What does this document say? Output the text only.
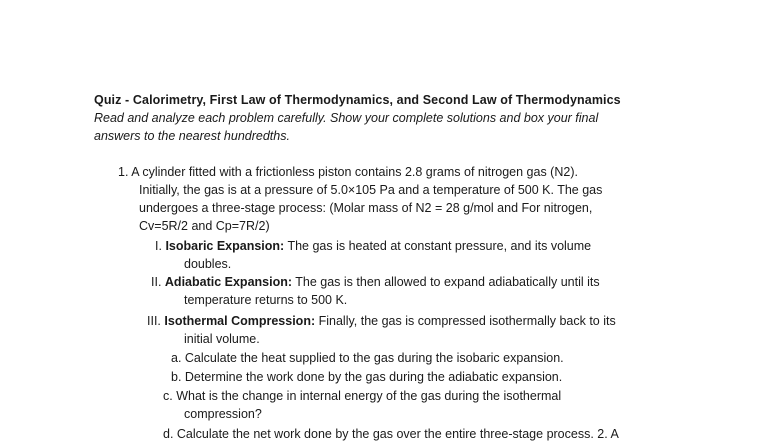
Quiz - Calorimetry, First Law of Thermodynamics, and Second Law of Thermodynamics
Read and analyze each problem carefully. Show your complete solutions and box your final
answers to the nearest hundredths.
1. A cylinder fitted with a frictionless piston contains 2.8 grams of nitrogen gas (N2).
Initially, the gas is at a pressure of 5.0×105 Pa and a temperature of 500 K. The gas
undergoes a three-stage process: (Molar mass of N2 = 28 g/mol and For nitrogen,
Cv=5R/2 and Cp=7R/2)
I. Isobaric Expansion: The gas is heated at constant pressure, and its volume
doubles.
II. Adiabatic Expansion: The gas is then allowed to expand adiabatically until its
temperature returns to 500 K.
III. Isothermal Compression: Finally, the gas is compressed isothermally back to its
initial volume.
a. Calculate the heat supplied to the gas during the isobaric expansion.
b. Determine the work done by the gas during the adiabatic expansion.
c. What is the change in internal energy of the gas during the isothermal
compression?
d. Calculate the net work done by the gas over the entire three-stage process. 2. A
